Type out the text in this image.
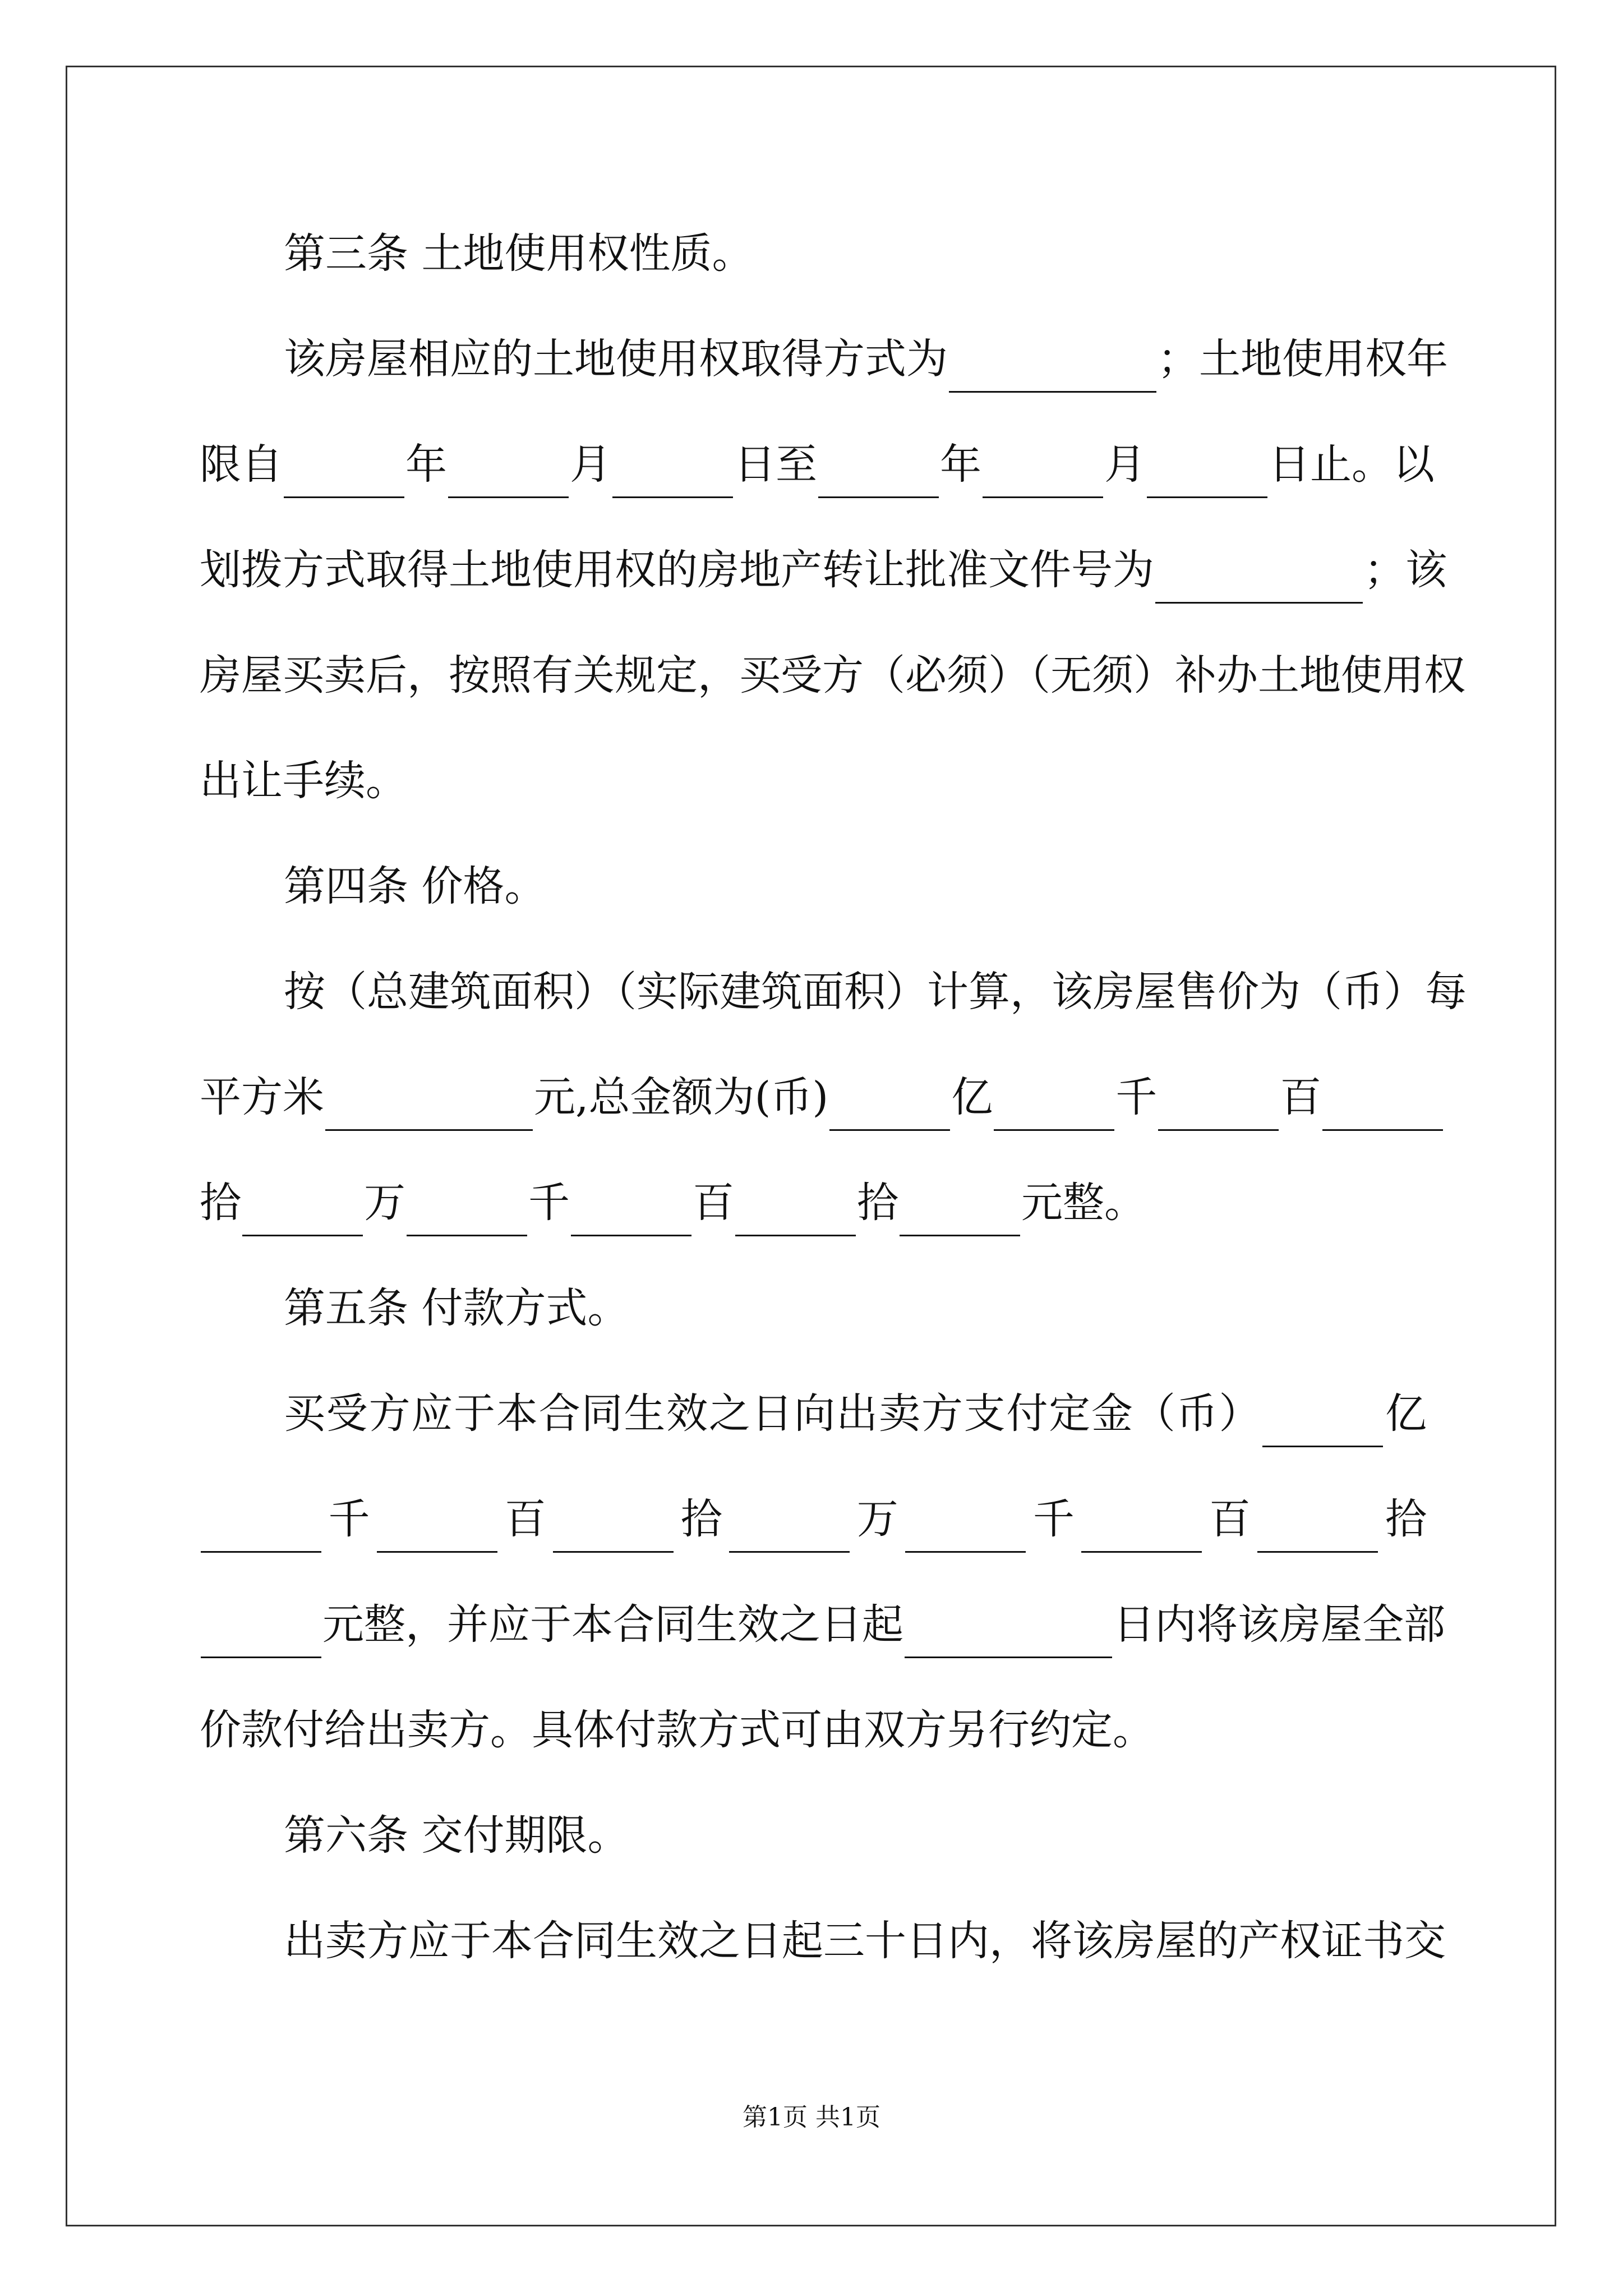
第三条 土地使用权性质。
该房屋相应的土地使用权取得方式为	；土地使用权年
限自	年	月	日至	年	月	日止。以
划拨方式取得土地使用权的房地产转让批准文件号为	；该
房屋买卖后，按照有关规定，买受方（必须）（无须）补办土地使用权
出让手续。
第四条 价格。
按（总建筑面积）（实际建筑面积）计算，该房屋售价为（币）每
平方米	元,总金额为(币)	亿	千	百
拾	万	千	百	拾	元整。
第五条 付款方式。
买受方应于本合同生效之日向出卖方支付定金（币）	亿
千	百	拾	万	千	百	拾
元整，并应于本合同生效之日起	日内将该房屋全部
价款付给出卖方。具体付款方式可由双方另行约定。
第六条 交付期限。
出卖方应于本合同生效之日起三十日内，将该房屋的产权证书交
第1页 共1页
